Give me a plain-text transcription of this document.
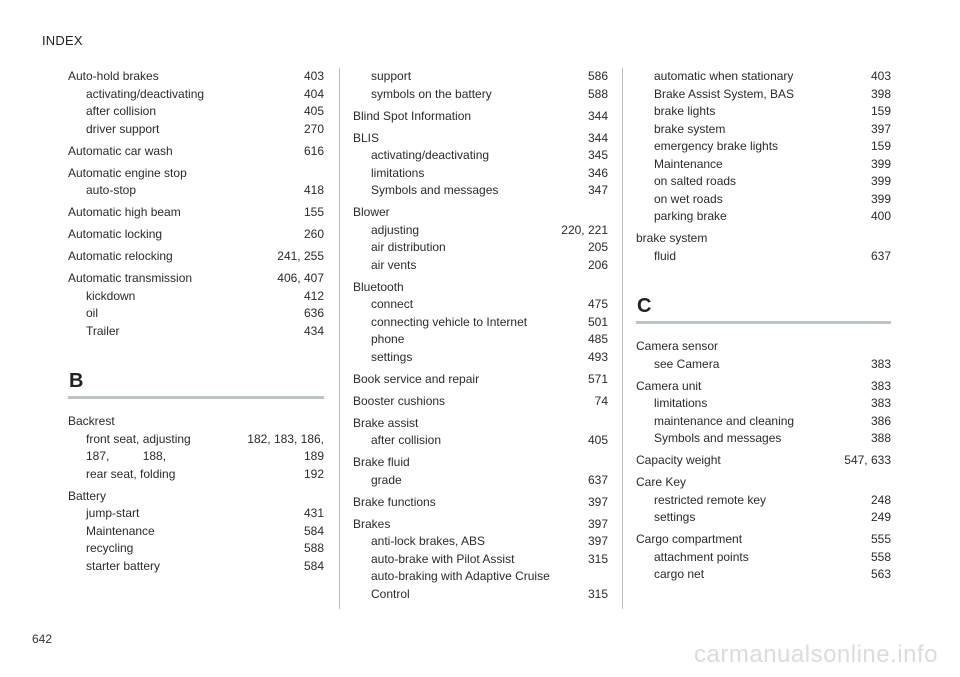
INDEX
Auto-hold brakes	403
activating/deactivating	404
after collision	405
driver support	270
Automatic car wash	616
Automatic engine stop
auto-stop	418
Automatic high beam	155
Automatic locking	260
Automatic relocking	241, 255
Automatic transmission	406, 407
kickdown	412
oil	636
Trailer	434
B
Backrest
front seat, adjusting	182, 183, 186,
187,          188,	189
rear seat, folding	192
Battery
jump-start	431
Maintenance	584
recycling	588
starter battery	584
support	586
symbols on the battery	588
Blind Spot Information	344
BLIS	344
activating/deactivating	345
limitations	346
Symbols and messages	347
Blower
adjusting	220, 221
air distribution	205
air vents	206
Bluetooth
connect	475
connecting vehicle to Internet	501
phone	485
settings	493
Book service and repair	571
Booster cushions	74
Brake assist
after collision	405
Brake fluid
grade	637
Brake functions	397
Brakes	397
anti-lock brakes, ABS	397
auto-brake with Pilot Assist	315
auto-braking with Adaptive Cruise
Control	315
automatic when stationary	403
Brake Assist System, BAS	398
brake lights	159
brake system	397
emergency brake lights	159
Maintenance	399
on salted roads	399
on wet roads	399
parking brake	400
brake system
fluid	637
C
Camera sensor
see Camera	383
Camera unit	383
limitations	383
maintenance and cleaning	386
Symbols and messages	388
Capacity weight	547, 633
Care Key
restricted remote key	248
settings	249
Cargo compartment	555
attachment points	558
cargo net	563
642
carmanualsonline.info
